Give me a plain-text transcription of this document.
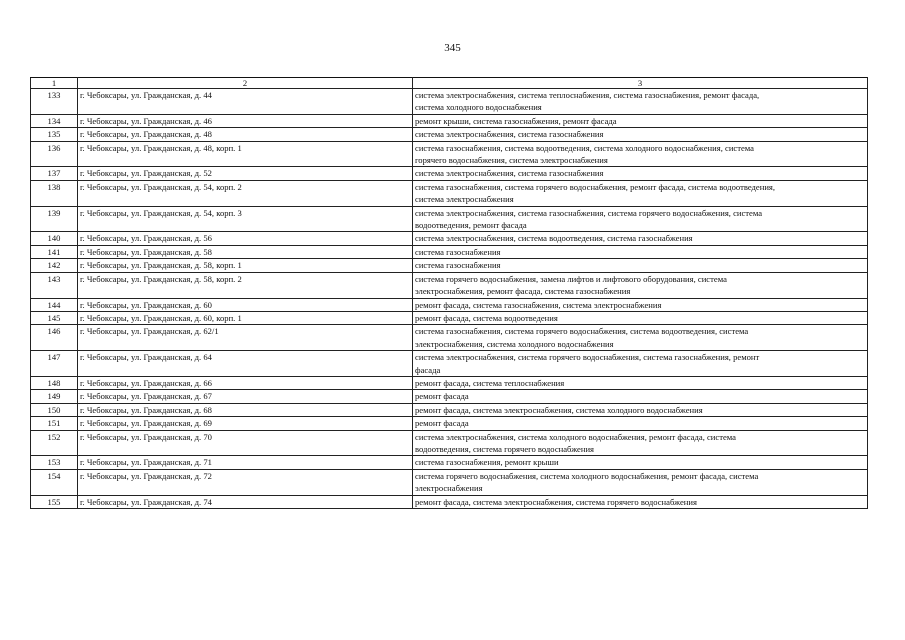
345
1	2	3
133	г. Чебоксары, ул. Гражданская, д. 44	система электроснабжения, система теплоснабжения, система газоснабжения, ремонт фасада,
система холодного водоснабжения

134	г. Чебоксары, ул. Гражданская, д. 46	ремонт крыши, система газоснабжения, ремонт фасада

135	г. Чебоксары, ул. Гражданская, д. 48	система электроснабжения, система газоснабжения

136	г. Чебоксары, ул. Гражданская, д. 48, корп. 1	система газоснабжения, система водоотведения, система холодного водоснабжения, система
горячего водоснабжения, система электроснабжения

137	г. Чебоксары, ул. Гражданская, д. 52	система электроснабжения, система газоснабжения

138	г. Чебоксары, ул. Гражданская, д. 54, корп. 2	система газоснабжения, система горячего водоснабжения, ремонт фасада, система водоотведения,
система электроснабжения

139	г. Чебоксары, ул. Гражданская, д. 54, корп. 3	система электроснабжения, система газоснабжения, система горячего водоснабжения, система
водоотведения, ремонт фасада

140	г. Чебоксары, ул. Гражданская, д. 56	система электроснабжения, система водоотведения, система газоснабжения

141	г. Чебоксары, ул. Гражданская, д. 58	система газоснабжения

142	г. Чебоксары, ул. Гражданская, д. 58, корп. 1	система газоснабжения

143	г. Чебоксары, ул. Гражданская, д. 58, корп. 2	система горячего водоснабжения, замена лифтов и лифтового оборудования, система
электроснабжения, ремонт фасада, система газоснабжения

144	г. Чебоксары, ул. Гражданская, д. 60	ремонт фасада, система газоснабжения, система электроснабжения

145	г. Чебоксары, ул. Гражданская, д. 60, корп. 1	ремонт фасада, система водоотведения

146	г. Чебоксары, ул. Гражданская, д. 62/1	система газоснабжения, система горячего водоснабжения, система водоотведения, система
электроснабжения, система холодного водоснабжения

147	г. Чебоксары, ул. Гражданская, д. 64	система электроснабжения, система горячего водоснабжения, система газоснабжения, ремонт
фасада

148	г. Чебоксары, ул. Гражданская, д. 66	ремонт фасада, система теплоснабжения

149	г. Чебоксары, ул. Гражданская, д. 67	ремонт фасада

150	г. Чебоксары, ул. Гражданская, д. 68	ремонт фасада, система электроснабжения, система холодного водоснабжения

151	г. Чебоксары, ул. Гражданская, д. 69	ремонт фасада

152	г. Чебоксары, ул. Гражданская, д. 70	система электроснабжения, система холодного водоснабжения, ремонт фасада, система
водоотведения, система горячего водоснабжения

153	г. Чебоксары, ул. Гражданская, д. 71	система газоснабжения, ремонт крыши

154	г. Чебоксары, ул. Гражданская, д. 72	система горячего водоснабжения, система холодного водоснабжения, ремонт фасада, система
электроснабжения

155	г. Чебоксары, ул. Гражданская, д. 74	ремонт фасада, система электроснабжения, система горячего водоснабжения
